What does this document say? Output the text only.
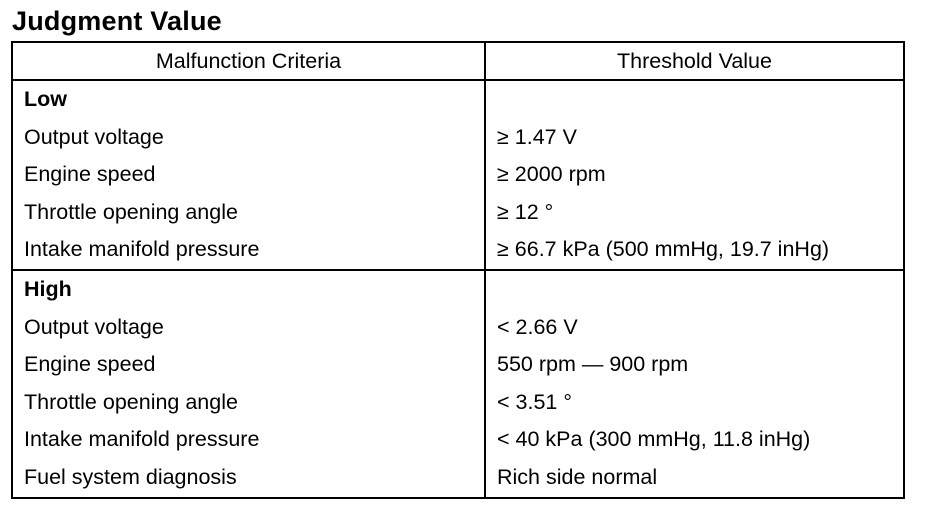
Judgment Value
Malfunction Criteria	Threshold Value
Low	
Output voltage	≥ 1.47 V
Engine speed	≥ 2000 rpm
Throttle opening angle	≥ 12 °
Intake manifold pressure	≥ 66.7 kPa (500 mmHg, 19.7 inHg)
High	
Output voltage	< 2.66 V
Engine speed	550 rpm — 900 rpm
Throttle opening angle	< 3.51 °
Intake manifold pressure	< 40 kPa (300 mmHg, 11.8 inHg)
Fuel system diagnosis	Rich side normal
